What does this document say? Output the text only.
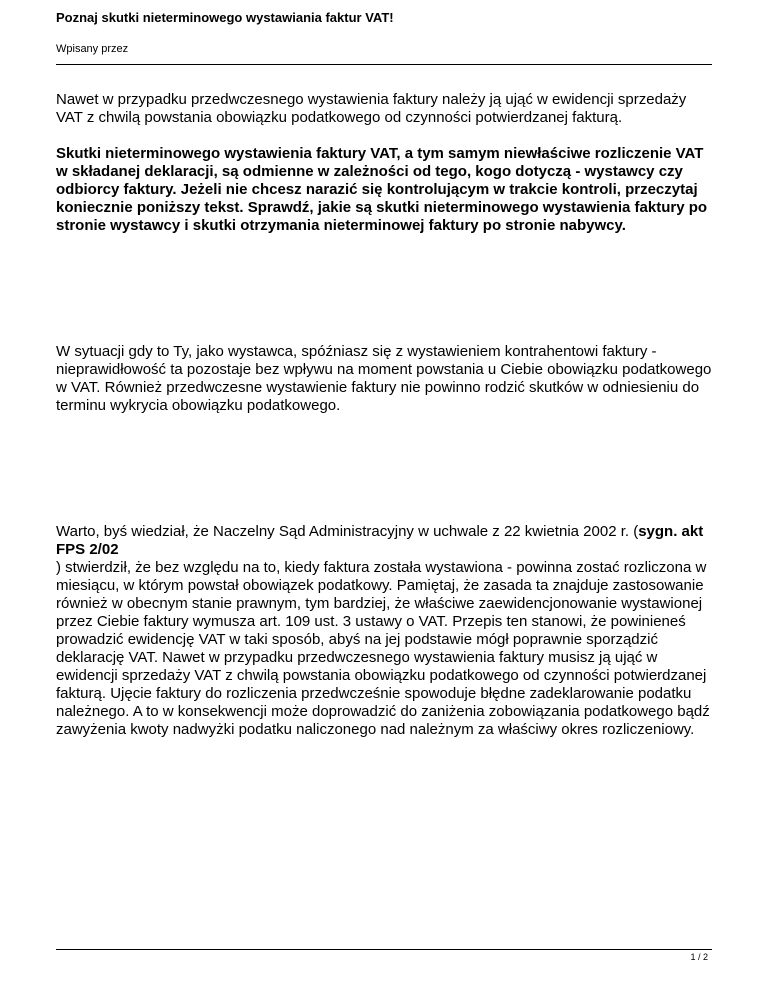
Poznaj skutki nieterminowego wystawiania faktur VAT!
Wpisany przez

Nawet w przypadku przedwczesnego wystawienia faktury należy ją ująć w ewidencji sprzedaży VAT z chwilą powstania obowiązku podatkowego od czynności potwierdzanej fakturą.

Skutki nieterminowego wystawienia faktury VAT, a tym samym niewłaściwe rozliczenie VAT w składanej deklaracji, są odmienne w zależności od tego, kogo dotyczą - wystawcy czy odbiorcy faktury. Jeżeli nie chcesz narazić się kontrolującym w trakcie kontroli, przeczytaj koniecznie poniższy tekst. Sprawdź, jakie są skutki nieterminowego wystawienia faktury po stronie wystawcy i skutki otrzymania nieterminowej faktury po stronie nabywcy.

W sytuacji gdy to Ty, jako wystawca, spóźniasz się z wystawieniem kontrahentowi faktury - nieprawidłowość ta pozostaje bez wpływu na moment powstania u Ciebie obowiązku podatkowego w VAT. Również przedwczesne wystawienie faktury nie powinno rodzić skutków w odniesieniu do terminu wykrycia obowiązku podatkowego.

Warto, byś wiedział, że Naczelny Sąd Administracyjny w uchwale z 22 kwietnia 2002 r. (sygn. akt FPS 2/02
) stwierdził, że bez względu na to, kiedy faktura została wystawiona - powinna zostać rozliczona w miesiącu, w którym powstał obowiązek podatkowy. Pamiętaj, że zasada ta znajduje zastosowanie również w obecnym stanie prawnym, tym bardziej, że właściwe zaewidencjonowanie wystawionej przez Ciebie faktury wymusza art. 109 ust. 3 ustawy o VAT. Przepis ten stanowi, że powinieneś prowadzić ewidencję VAT w taki sposób, abyś na jej podstawie mógł poprawnie sporządzić deklarację VAT. Nawet w przypadku przedwczesnego wystawienia faktury musisz ją ująć w ewidencji sprzedaży VAT z chwilą powstania obowiązku podatkowego od czynności potwierdzanej fakturą. Ujęcie faktury do rozliczenia przedwcześnie spowoduje błędne zadeklarowanie podatku należnego. A to w konsekwencji może doprowadzić do zaniżenia zobowiązania podatkowego bądź zawyżenia kwoty nadwyżki podatku naliczonego nad należnym za właściwy okres rozliczeniowy.

1 / 2
